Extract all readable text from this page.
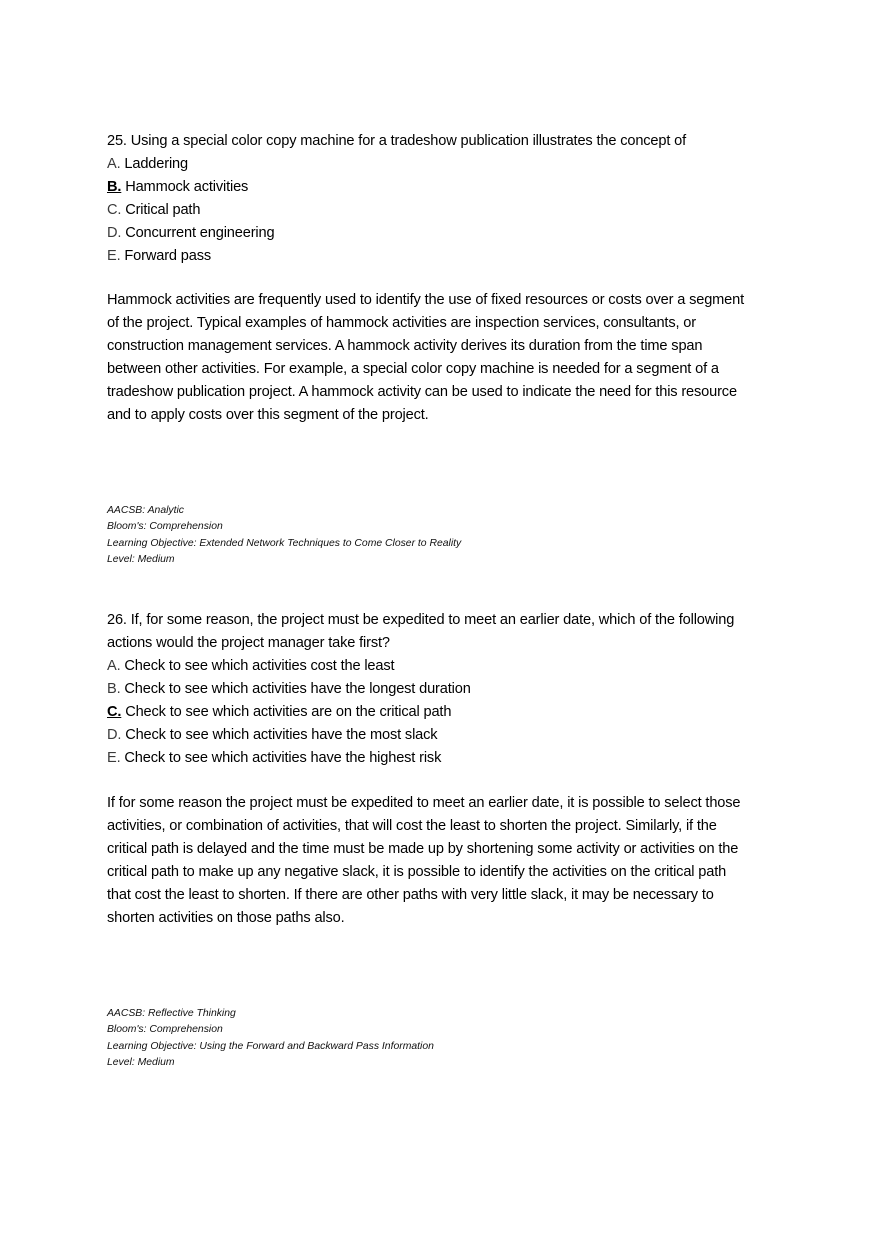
25. Using a special color copy machine for a tradeshow publication illustrates the concept of
A. Laddering
B. Hammock activities
C. Critical path
D. Concurrent engineering
E. Forward pass
Hammock activities are frequently used to identify the use of fixed resources or costs over a segment
of the project. Typical examples of hammock activities are inspection services, consultants, or
construction management services. A hammock activity derives its duration from the time span
between other activities. For example, a special color copy machine is needed for a segment of a
tradeshow publication project. A hammock activity can be used to indicate the need for this resource
and to apply costs over this segment of the project.
AACSB: Analytic
Bloom's: Comprehension
Learning Objective: Extended Network Techniques to Come Closer to Reality
Level: Medium
26. If, for some reason, the project must be expedited to meet an earlier date, which of the following
actions would the project manager take first?
A. Check to see which activities cost the least
B. Check to see which activities have the longest duration
C. Check to see which activities are on the critical path
D. Check to see which activities have the most slack
E. Check to see which activities have the highest risk
If for some reason the project must be expedited to meet an earlier date, it is possible to select those
activities, or combination of activities, that will cost the least to shorten the project. Similarly, if the
critical path is delayed and the time must be made up by shortening some activity or activities on the
critical path to make up any negative slack, it is possible to identify the activities on the critical path
that cost the least to shorten. If there are other paths with very little slack, it may be necessary to
shorten activities on those paths also.
AACSB: Reflective Thinking
Bloom's: Comprehension
Learning Objective: Using the Forward and Backward Pass Information
Level: Medium
